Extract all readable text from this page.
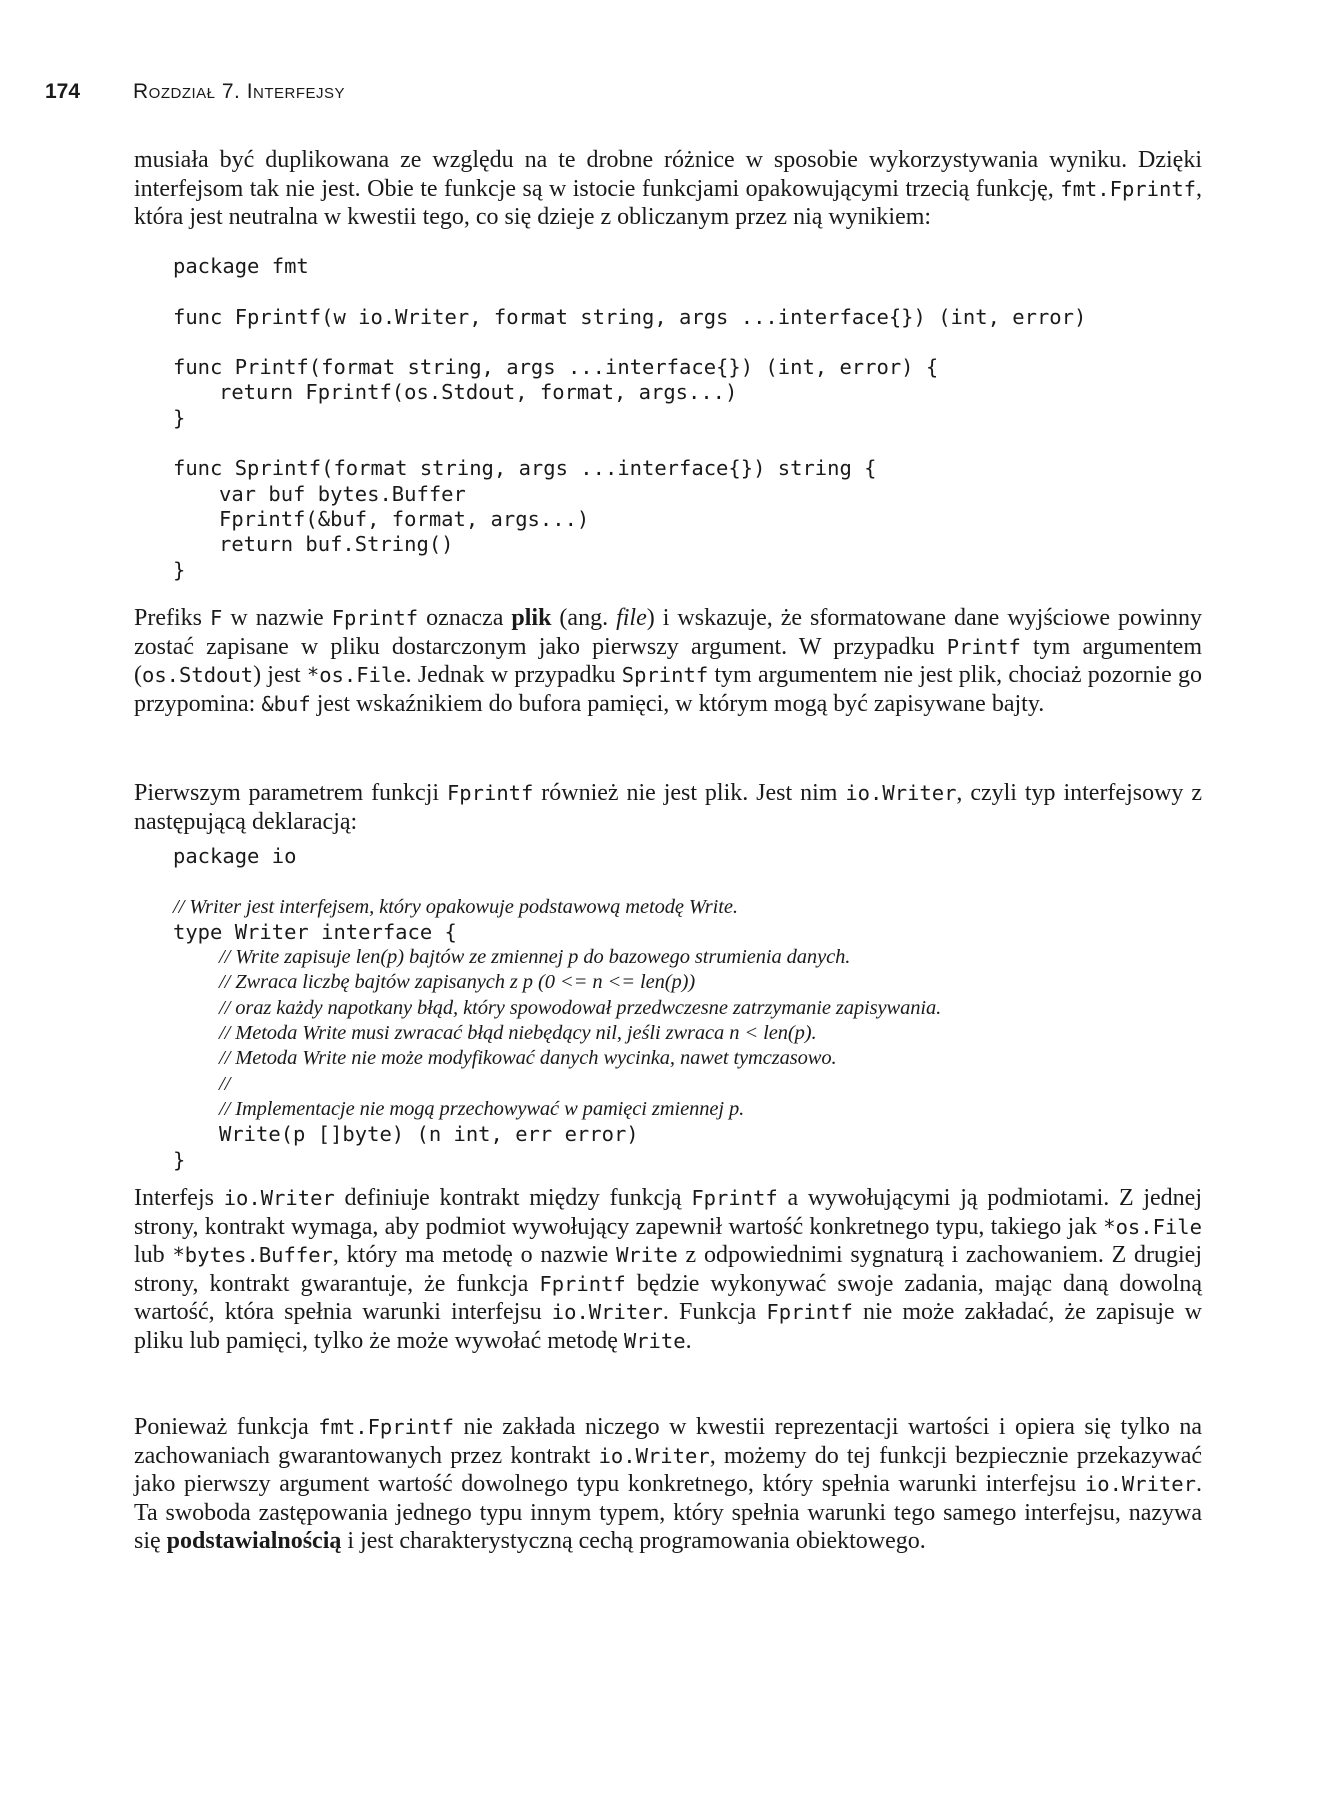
174	Rozdział 7. Interfejsy

musiała być duplikowana ze względu na te drobne różnice w sposobie wykorzystywania wyniku. Dzięki interfejsom tak nie jest. Obie te funkcje są w istocie funkcjami opakowującymi trzecią funkcję, fmt.Fprintf, która jest neutralna w kwestii tego, co się dzieje z obliczanym przez nią wynikiem:

package fmt
func Fprintf(w io.Writer, format string, args ...interface{}) (int, error)
func Printf(format string, args ...interface{}) (int, error) {
return Fprintf(os.Stdout, format, args...)
}
func Sprintf(format string, args ...interface{}) string {
var buf bytes.Buffer
Fprintf(&buf, format, args...)
return buf.String()
}

Prefiks F w nazwie Fprintf oznacza plik (ang. file) i wskazuje, że sformatowane dane wyjściowe powinny zostać zapisane w pliku dostarczonym jako pierwszy argument. W przypadku Printf tym argumentem (os.Stdout) jest *os.File. Jednak w przypadku Sprintf tym argumentem nie jest plik, chociaż pozornie go przypomina: &buf jest wskaźnikiem do bufora pamięci, w którym mogą być zapisywane bajty.

Pierwszym parametrem funkcji Fprintf również nie jest plik. Jest nim io.Writer, czyli typ interfejsowy z następującą deklaracją:

package io
// Writer jest interfejsem, który opakowuje podstawową metodę Write.
type Writer interface {
// Write zapisuje len(p) bajtów ze zmiennej p do bazowego strumienia danych.
// Zwraca liczbę bajtów zapisanych z p (0 <= n <= len(p))
// oraz każdy napotkany błąd, który spowodował przedwczesne zatrzymanie zapisywania.
// Metoda Write musi zwracać błąd niebędący nil, jeśli zwraca n < len(p).
// Metoda Write nie może modyfikować danych wycinka, nawet tymczasowo.
//
// Implementacje nie mogą przechowywać w pamięci zmiennej p.
Write(p []byte) (n int, err error)
}

Interfejs io.Writer definiuje kontrakt między funkcją Fprintf a wywołującymi ją podmiotami. Z jednej strony, kontrakt wymaga, aby podmiot wywołujący zapewnił wartość konkretnego typu, takiego jak *os.File lub *bytes.Buffer, który ma metodę o nazwie Write z odpowiednimi sygnaturą i zachowaniem. Z drugiej strony, kontrakt gwarantuje, że funkcja Fprintf będzie wykonywać swoje zadania, mając daną dowolną wartość, która spełnia warunki interfejsu io.Writer. Funkcja Fprintf nie może zakładać, że zapisuje w pliku lub pamięci, tylko że może wywołać metodę Write.

Ponieważ funkcja fmt.Fprintf nie zakłada niczego w kwestii reprezentacji wartości i opiera się tylko na zachowaniach gwarantowanych przez kontrakt io.Writer, możemy do tej funkcji bezpiecznie przekazywać jako pierwszy argument wartość dowolnego typu konkretnego, który spełnia warunki interfejsu io.Writer. Ta swoboda zastępowania jednego typu innym typem, który spełnia warunki tego samego interfejsu, nazywa się podstawialnością i jest charakterystyczną cechą programowania obiektowego.
